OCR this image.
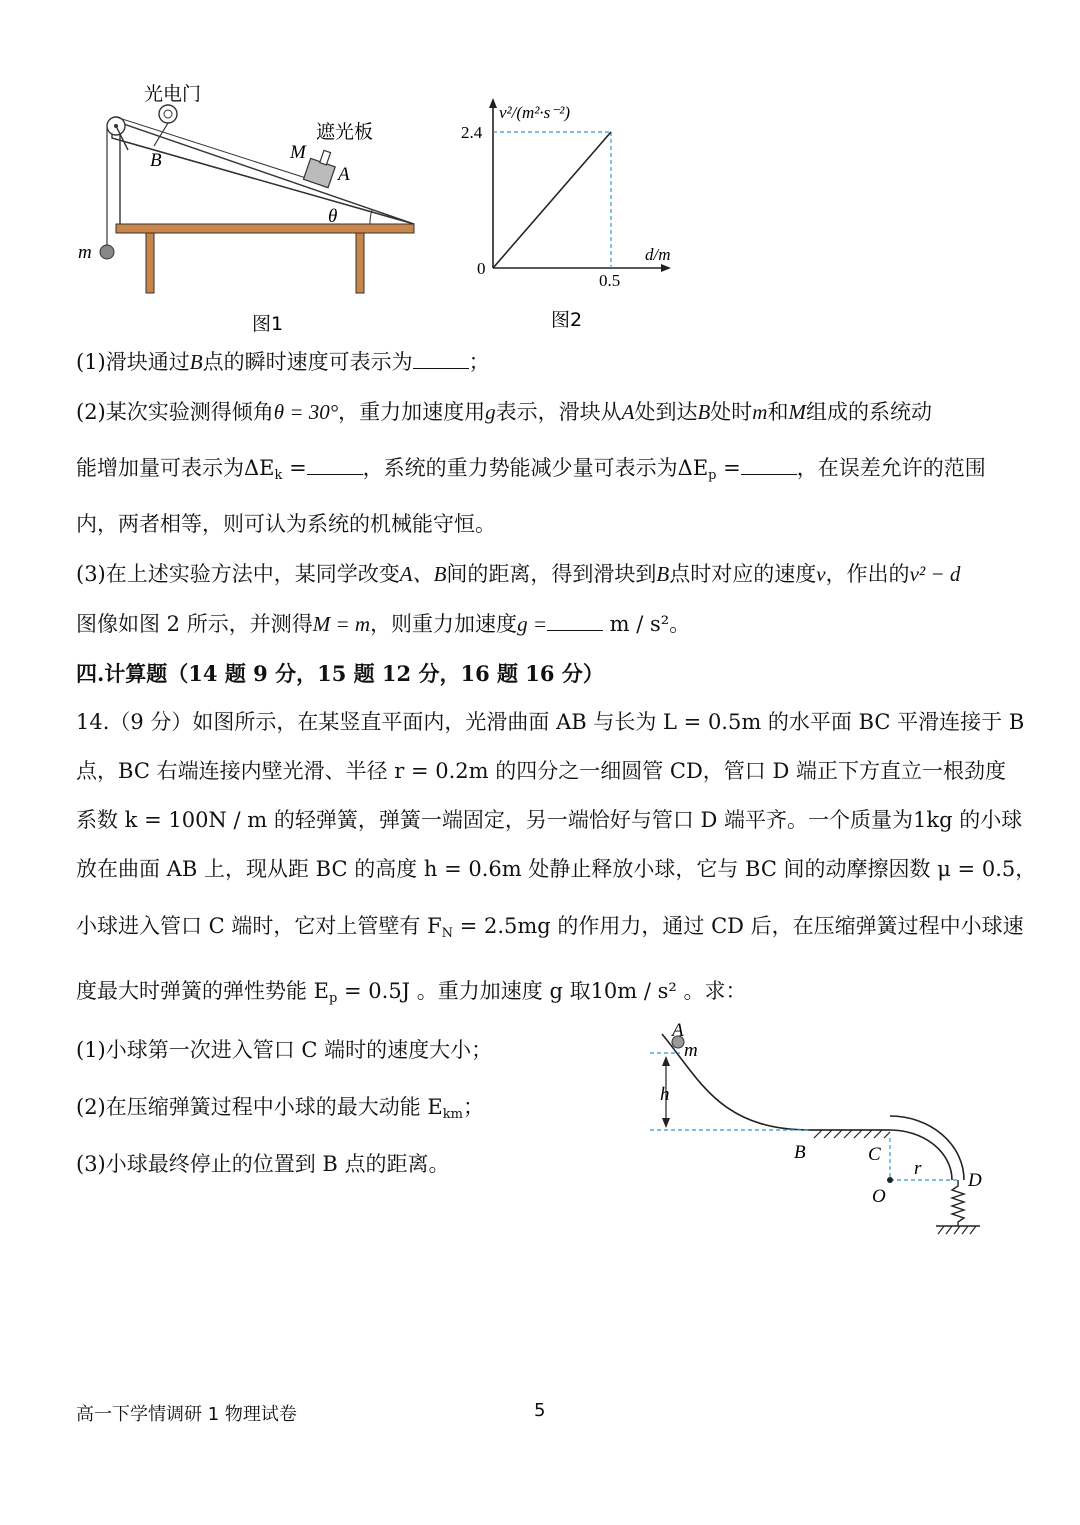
光电门
遮光板
M
A
B
m
θ
图1
v²/(m²·s⁻²)
2.4
0
0.5
d/m
图2
(1)滑块通过B点的瞬时速度可表示为	；
(2)某次实验测得倾角θ = 30°，重力加速度用g表示，滑块从A处到达B处时m和M组成的系统动
能增加量可表示为$\Delta E_k$ =	，系统的重力势能减少量可表示为$\Delta E_p$ =	，在误差允许的范围
内，两者相等，则可认为系统的机械能守恒。
(3)在上述实验方法中，某同学改变A、B间的距离，得到滑块到B点时对应的速度v，作出的v² − d
图像如图 2 所示，并测得M = m，则重力加速度g =	m / s²。
四.计算题（14 题 9 分，15 题 12 分，16 题 16 分）
14.（9 分）如图所示，在某竖直平面内，光滑曲面 AB 与长为 L = 0.5m 的水平面 BC 平滑连接于 B
点，BC 右端连接内壁光滑、半径 r = 0.2m 的四分之一细圆管 CD，管口 D 端正下方直立一根劲度
系数 k = 100N / m 的轻弹簧，弹簧一端固定，另一端恰好与管口 D 端平齐。一个质量为1kg 的小球
放在曲面 AB 上，现从距 BC 的高度 h = 0.6m 处静止释放小球，它与 BC 间的动摩擦因数 μ = 0.5，
小球进入管口 C 端时，它对上管壁有 $F_N = 2.5mg$ 的作用力，通过 CD 后，在压缩弹簧过程中小球速
度最大时弹簧的弹性势能 $E_p = 0.5J$ 。重力加速度 g 取10m / s² 。求：
(1)小球第一次进入管口 C 端时的速度大小；
(2)在压缩弹簧过程中小球的最大动能 $E_{km}$；
(3)小球最终停止的位置到 B 点的距离。
A
m
h
B	C
r
D
O
高一下学情调研 1 物理试卷	5
